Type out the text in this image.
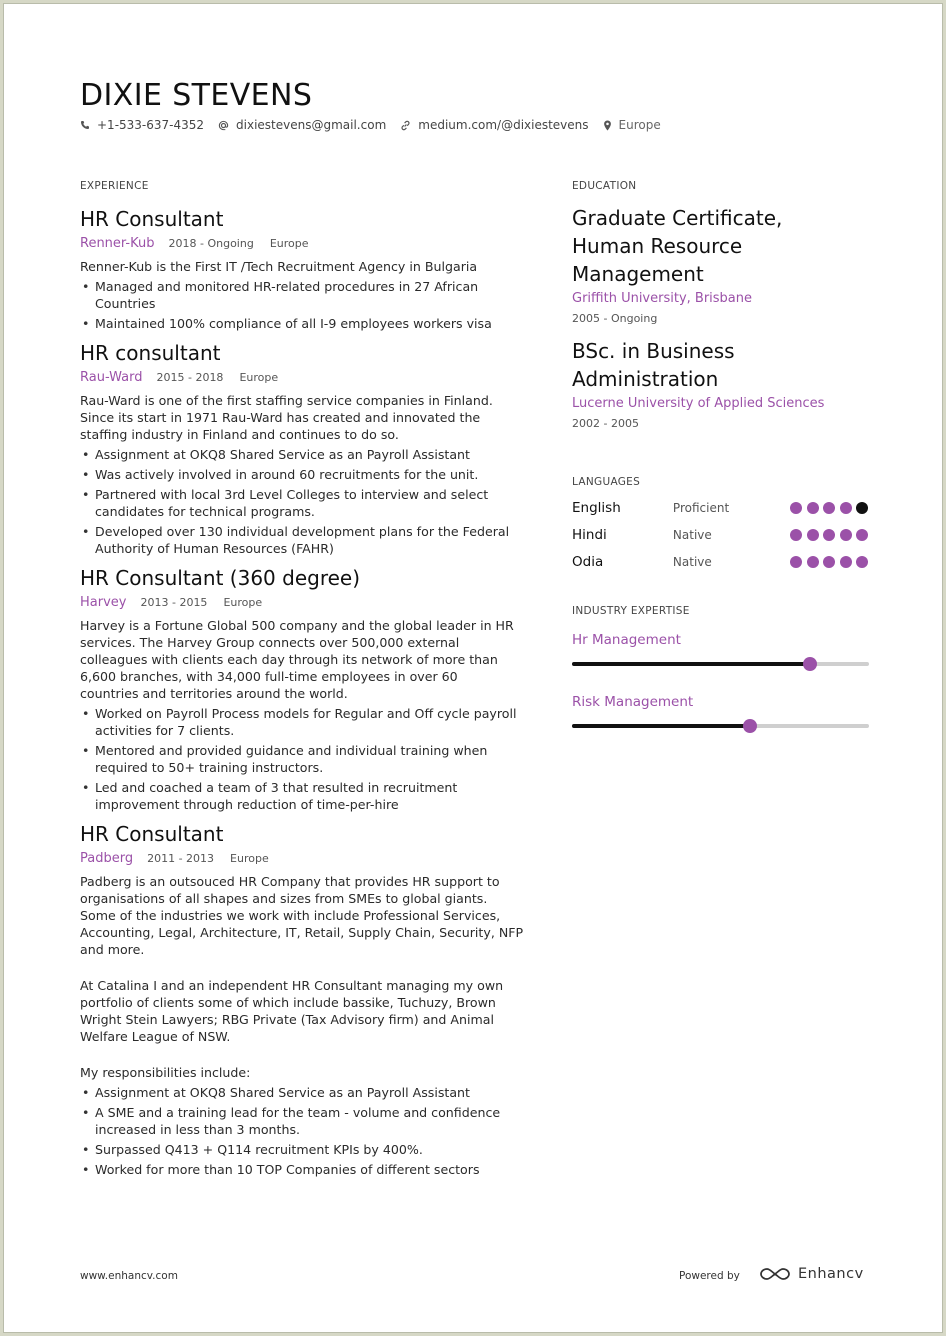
DIXIE STEVENS
+1-533-637-4352	dixiestevens@gmail.com	medium.com/@dixiestevens	Europe
EXPERIENCE
HR Consultant
Renner-Kub 2018 - Ongoing Europe
Renner-Kub is the First IT /Tech Recruitment Agency in Bulgaria
• Managed and monitored HR-related procedures in 27 African Countries
• Maintained 100% compliance of all I-9 employees workers visa
HR consultant
Rau-Ward 2015 - 2018 Europe
Rau-Ward is one of the first staffing service companies in Finland. Since its start in 1971 Rau-Ward has created and innovated the staffing industry in Finland and continues to do so.
• Assignment at OKQ8 Shared Service as an Payroll Assistant
• Was actively involved in around 60 recruitments for the unit.
• Partnered with local 3rd Level Colleges to interview and select candidates for technical programs.
• Developed over 130 individual development plans for the Federal Authority of Human Resources (FAHR)
HR Consultant (360 degree)
Harvey 2013 - 2015 Europe
Harvey is a Fortune Global 500 company and the global leader in HR services. The Harvey Group connects over 500,000 external colleagues with clients each day through its network of more than 6,600 branches, with 34,000 full-time employees in over 60
countries and territories around the world.
• Worked on Payroll Process models for Regular and Off cycle payroll activities for 7 clients.
• Mentored and provided guidance and individual training when required to 50+ training instructors.
• Led and coached a team of 3 that resulted in recruitment improvement through reduction of time-per-hire
HR Consultant
Padberg 2011 - 2013 Europe
Padberg is an outsouced HR Company that provides HR support to organisations of all shapes and sizes from SMEs to global giants. Some of the industries we work with include Professional Services, Accounting, Legal, Architecture, IT, Retail, Supply Chain, Security, NFP and more.
At Catalina I and an independent HR Consultant managing my own portfolio of clients some of which include bassike, Tuchuzy, Brown Wright Stein Lawyers; RBG Private (Tax Advisory firm) and Animal Welfare League of NSW.
My responsibilities include:
• Assignment at OKQ8 Shared Service as an Payroll Assistant
• A SME and a training lead for the team - volume and confidence increased in less than 3 months.
• Surpassed Q413 + Q114 recruitment KPIs by 400%.
• Worked for more than 10 TOP Companies of different sectors
EDUCATION
Graduate Certificate,
Human Resource
Management
Griffith University, Brisbane
2005 - Ongoing
BSc. in Business
Administration
Lucerne University of Applied Sciences
2002 - 2005
LANGUAGES
English	Proficient
Hindi	Native
Odia	Native
INDUSTRY EXPERTISE
Hr Management
Risk Management
www.enhancv.com	Powered by	Enhancv
